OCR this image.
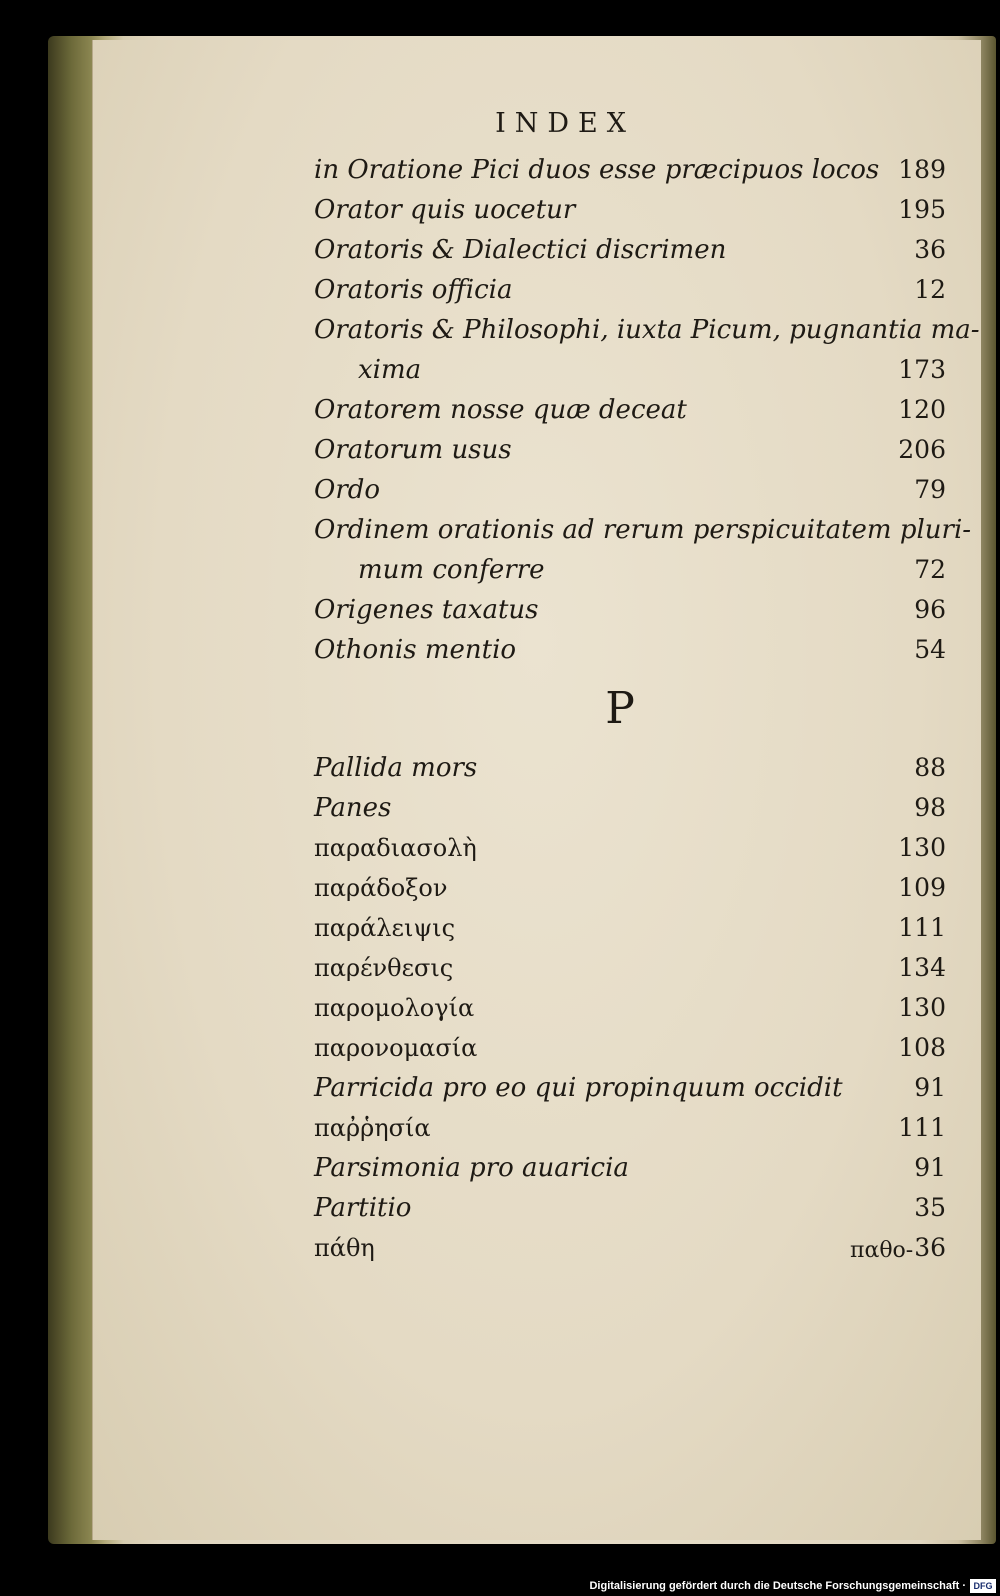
INDEX
in Oratione Pici duos esse præcipuos locos 189
Orator quis uocetur	195
Oratoris & Dialectici discrimen	36
Oratoris officia	12
Oratoris & Philosophi, iuxta Picum, pugnantia ma-
xima	173
Oratorem nosse quæ deceat	120
Oratorum usus	206
Ordo	79
Ordinem orationis ad rerum perspicuitatem pluri-
mum conferre	72
Origenes taxatus	96
Othonis mentio	54
P
Pallida mors	88
Panes	98
παραδιασολὴ	130
παράδοξον	109
παράλειψις	111
παρένθεσις	134
παρομολογία	130
παρονομασία	108
Parricida pro eo qui propinquum occidit	91
παῤῥησία	111
Parsimonia pro auaricia	91
Partitio	35
πάθη	36
παθο-
Digitalisierung gefördert durch die Deutsche Forschungsgemeinschaft · DFG
